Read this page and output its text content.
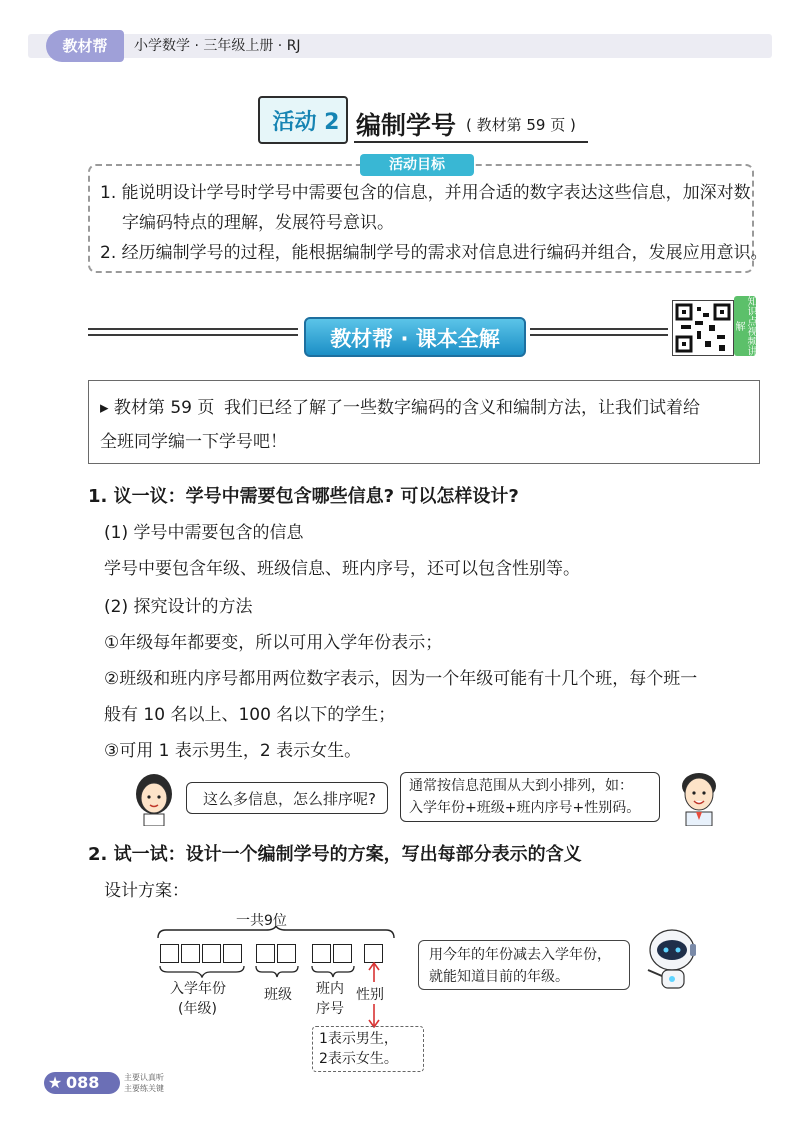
教材帮	小学数学 · 三年级上册 · RJ
活动 2 编制学号 ( 教材第 59 页 )
活动目标
1. 能说明设计学号时学号中需要包含的信息，并用合适的数字表达这些信息，加深对数
字编码特点的理解，发展符号意识。
2. 经历编制学号的过程，能根据编制学号的需求对信息进行编码并组合，发展应用意识。
教材帮 · 课本全解	知识点视频讲解
▸ 教材第 59 页 我们已经了解了一些数字编码的含义和编制方法，让我们试着给
全班同学编一下学号吧！
1. 议一议：学号中需要包含哪些信息? 可以怎样设计?
(1) 学号中需要包含的信息
学号中要包含年级、班级信息、班内序号，还可以包含性别等。
(2) 探究设计的方法
①年级每年都要变，所以可用入学年份表示；
②班级和班内序号都用两位数字表示，因为一个年级可能有十几个班，每个班一
般有 10 名以上、100 名以下的学生；
③可用 1 表示男生，2 表示女生。
这么多信息，怎么排序呢?
通常按信息范围从大到小排列，如：
入学年份+班级+班内序号+性别码。
2. 试一试：设计一个编制学号的方案，写出每部分表示的含义
设计方案：
一共9位
入学年份
(年级)
班级 班内
序号
性别
1表示男生，
2表示女生。
用今年的年份减去入学年份，
就能知道目前的年级。
★ 088	主要认真听
主要练关键
